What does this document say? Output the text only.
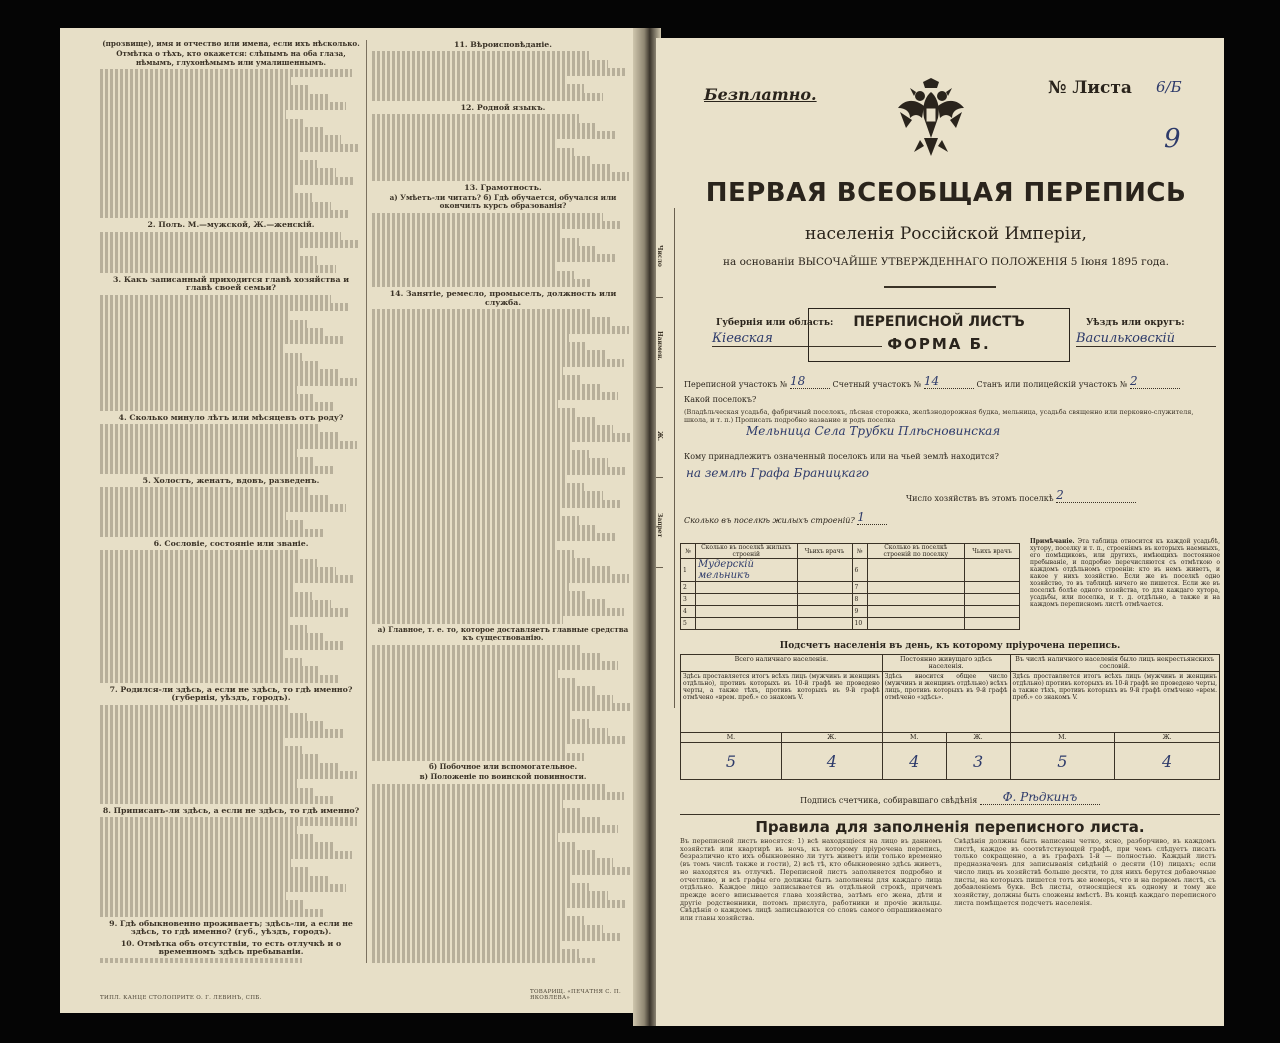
(прозвище), имя и отчество или имена, если ихъ нѣсколько.
Отмѣтка о тѣхъ, кто окажется: слѣпымъ на оба глаза, нѣмымъ, глухонѣмымъ или умалишеннымъ.
2. Полъ. М.—мужской, Ж.—женскій.
3. Какъ записанный приходится главѣ хозяйства и главѣ своей семьи?
4. Сколько минуло лѣтъ или мѣсяцевъ отъ роду?
5. Холостъ, женатъ, вдовъ, разведенъ.
6. Сословіе, состояніе или званіе.
7. Родился-ли здѣсь, а если не здѣсь, то гдѣ именно? (губернія, уѣздъ, городъ).
8. Приписанъ-ли здѣсь, а если не здѣсь, то гдѣ именно?
9. Гдѣ обыкновенно проживаетъ; здѣсь-ли, а если не здѣсь, то гдѣ именно? (губ., уѣздъ, городъ).
10. Отмѣтка объ отсутствіи, то есть отлучкѣ и о временномъ здѣсь пребываніи.
11. Вѣроисповѣданіе.
12. Родной языкъ.
13. Грамотность.
а) Умѣетъ-ли читать? б) Гдѣ обучается, обучался или окончилъ курсъ образованія?
14. Занятіе, ремесло, промыселъ, должность или служба.
а) Главное, т. е. то, которое доставляетъ главные средства къ существованію.
б) Побочное или вспомогательное.
в) Положеніе по воинской повинности.
ТИПЛ. КАНЦЕ СТОЛОПРИТЕ О. Г. ЛЕВИНЪ, СПБ.
ТОВАРИЩ. «ПЕЧАТНЯ С. П. ЯКОВЛЕВА»
Число
Наимен.
Ж.
Запрет
Безплатно.	№ Листа 6/Б
9
ПЕРВАЯ ВСЕОБЩАЯ ПЕРЕПИСЬ
населенія Россійской Имперіи,
на основаніи ВЫСОЧАЙШЕ УТВЕРЖДЕННАГО ПОЛОЖЕНІЯ 5 Іюня 1895 года.
Губернія или область:
Кіевская
ПЕРЕПИСНОЙ ЛИСТЪ
ФОРМА Б.
Уѣздъ или округъ:
Васильковскій
Переписной участокъ № 18	Счетный участокъ № 14	Станъ или полицейскій участокъ № 2
Какой поселокъ?
(Владѣльческая усадьба, фабричный поселокъ, лѣсная сторожка, желѣзнодорожная будка, мельница, усадьба священно или перковно-служителя, школа, и т. п.) Прописать подробно название и родъ поселка
Мельница Села Трубки Плѣсновинская
Кому принадлежитъ означенный поселокъ или на чьей землѣ находится?
на землѣ Графа Браницкаго
Число хозяйствъ въ этомъ поселкѣ 2
Сколько въ поселкѣ жилыхъ строеній? 1
№	Сколько въ поселкѣ жилыхъ строеній	Чьихъ врачъ	№	Сколько въ поселкѣ строеній по поселку	Чьихъ врачъ
1	Мудерскій мельникъ		6		
2			7		
3			8		
4			9		
5			10		
Примѣчаніе. Эта таблица относится къ каждой усадьбѣ, хутору, поселку и т. п., строеніямъ въ которыхъ наемныхъ, его помѣщиковъ, или другихъ, имѣющихъ постоянное пребываніе, и подробно перечисляются съ отмѣткою о каждомъ отдѣльномъ строеніи: кто въ немъ живетъ, и какое у нихъ хозяйство. Если же въ поселкѣ одно хозяйство, то въ таблицѣ ничего не пишется. Если же въ поселкѣ болѣе одного хозяйства, то для каждаго хутора, усадьбы, или поселка, и т. д. отдѣльно, а также и на каждомъ переписномъ листѣ отмѣчается.
Подсчетъ населенія въ день, къ которому пріурочена перепись.
Всего наличнаго населенія.		Постоянно живущаго здѣсь населенія.		Въ числѣ наличного населенія было лицъ некрестьянскихъ сословій.	
Здѣсь проставляется итогъ всѣхъ лицъ (мужчинъ и женщинъ отдѣльно), противъ которыхъ въ 10-й графѣ не проведено черты, а также тѣхъ, противъ которыхъ въ 9-й графѣ отмѣчено «врем. преб.» со знакомъ V.		Здѣсь вносится общее число (мужчинъ и женщинъ отдѣльно) всѣхъ лицъ, противъ которыхъ въ 9-й графѣ отмѣчено «здѣсь».		Здѣсь проставляется итогъ всѣхъ лицъ (мужчинъ и женщинъ отдѣльно) противъ которыхъ въ 10-й графѣ не проведено черты, а также тѣхъ, противъ которыхъ въ 9-й графѣ отмѣчено «врем. преб.» со знакомъ V.	
М.	Ж.	М.	Ж.	М.	Ж.
5	4	4	3	5	4
Подпись счетчика, собиравшаго свѣдѣнія Ф. Рѣдкинъ
Правила для заполненія переписного листа.
Въ переписной листъ вносятся: 1) всѣ находящіеся на лицо въ данномъ хозяйствѣ или квартирѣ въ ночь, къ которому пріурочена перепись, безразлично кто ихъ обыкновенно ли тутъ живетъ или только временно (въ томъ числѣ также и гости), 2) всѣ тѣ, кто обыкновенно здѣсь живетъ, но находятся въ отлучкѣ. Переписной листъ заполняется подробно и отчетливо, и всѣ графы его должны быть заполнены для каждаго лица отдѣльно. Каждое лицо записывается въ отдѣльной строкѣ, причемъ прежде всего вписывается глава хозяйства, затѣмъ его жена, дѣти и другіе родственники, потомъ прислуга, работники и прочіе жильцы. Свѣдѣнія о каждомъ лицѣ записываются со словъ самого опрашиваемаго или главы хозяйства.
Свѣдѣнія должны быть написаны четко, ясно, разборчиво, въ каждомъ листѣ, каждое въ соотвѣтствующей графѣ, при чемъ слѣдуетъ писать только сокращенно, а въ графахъ 1-й — полностью. Каждый листъ предназначенъ для записыванія свѣдѣній о десяти (10) лицахъ; если число лицъ въ хозяйствѣ больше десяти, то для нихъ берутся добавочные листы, на которыхъ пишется тотъ же номеръ, что и на первомъ листѣ, съ добавленіемъ букв. Всѣ листы, относящіеся къ одному и тому же хозяйству, должны быть сложены вмѣстѣ. Въ концѣ каждаго переписного листа помѣщается подсчетъ населенія.
